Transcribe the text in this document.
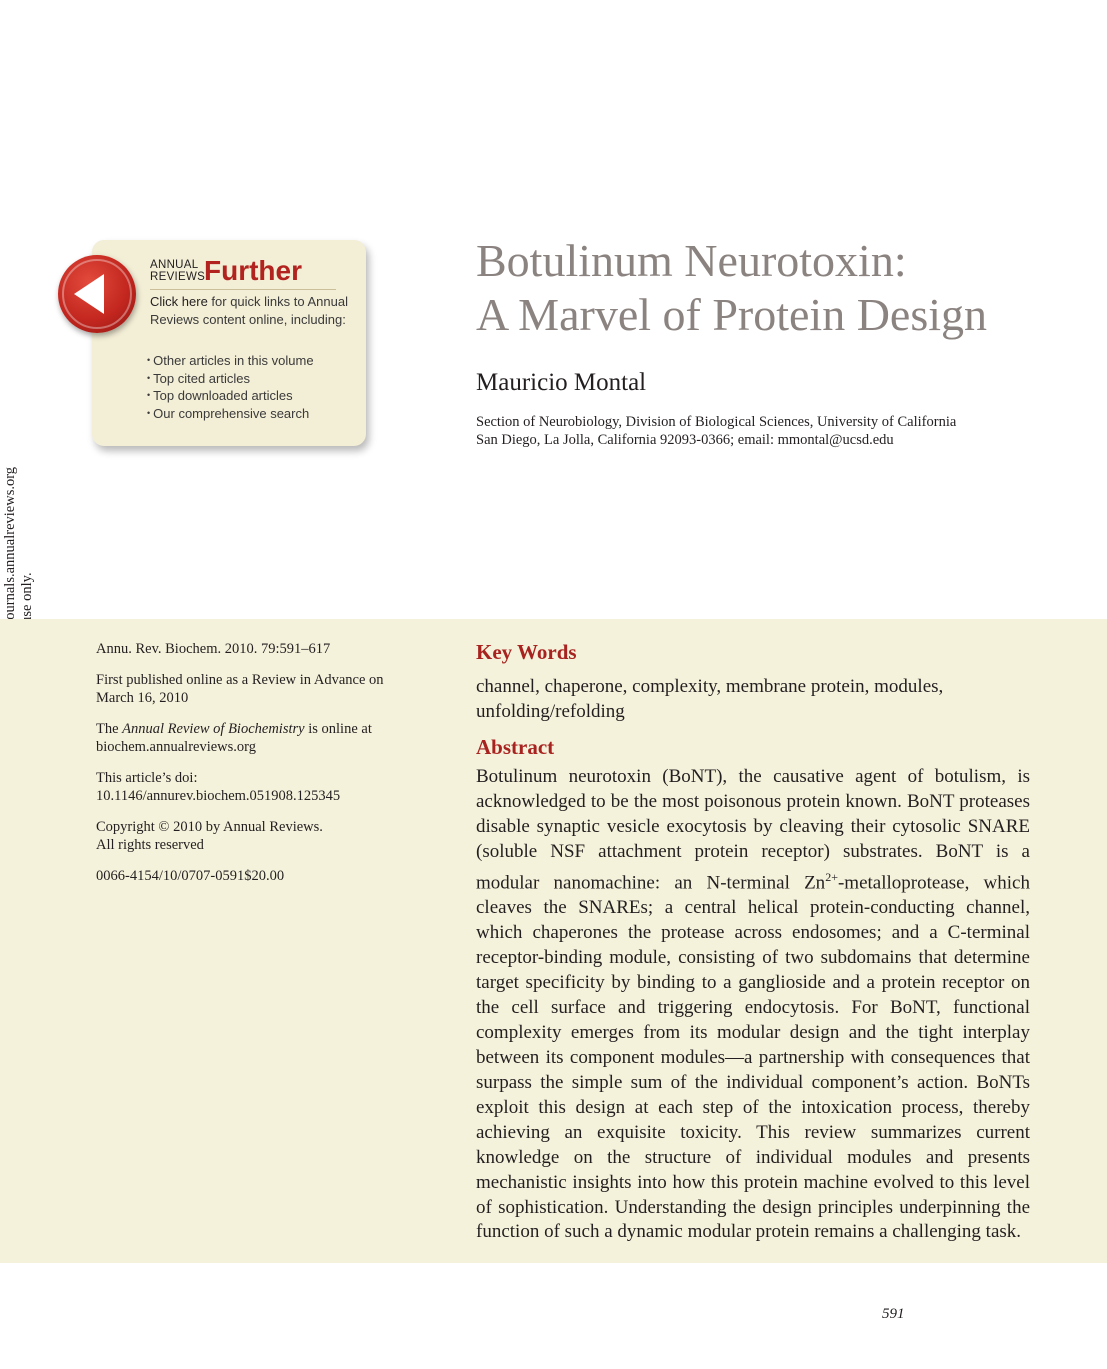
ANNUAL
REVIEWS
Further
Click here for quick links to Annual Reviews content online, including:
• Other articles in this volume
• Top cited articles
• Top downloaded articles
• Our comprehensive search
Botulinum Neurotoxin:
A Marvel of Protein Design
Mauricio Montal
Section of Neurobiology, Division of Biological Sciences, University of California
San Diego, La Jolla, California 92093-0366; email: mmontal@ucsd.edu

Annu. Rev. Biochem. 2010. 79:591–617

First published online as a Review in Advance on March 16, 2010

The Annual Review of Biochemistry is online at biochem.annualreviews.org

This article’s doi:
10.1146/annurev.biochem.051908.125345

Copyright © 2010 by Annual Reviews.
All rights reserved

0066-4154/10/0707-0591$20.00

Key Words

channel, chaperone, complexity, membrane protein, modules, unfolding/refolding

Abstract

Botulinum neurotoxin (BoNT), the causative agent of botulism, is acknowledged to be the most poisonous protein known. BoNT proteases disable synaptic vesicle exocytosis by cleaving their cytosolic SNARE (soluble NSF attachment protein receptor) substrates. BoNT is a modular nanomachine: an N-terminal $Zn^{2+}$-metalloprotease, which cleaves the SNAREs; a central helical protein-conducting channel, which chaperones the protease across endosomes; and a C-terminal receptor-binding module, consisting of two subdomains that determine target specificity by binding to a ganglioside and a protein receptor on the cell surface and triggering endocytosis. For BoNT, functional complexity emerges from its modular design and the tight interplay between its component modules—a partnership with consequences that surpass the simple sum of the individual component’s action. BoNTs exploit this design at each step of the intoxication process, thereby achieving an exquisite toxicity. This review summarizes current knowledge on the structure of individual modules and presents mechanistic insights into how this protein machine evolved to this level of sophistication. Understanding the design principles underpinning the function of such a dynamic modular protein remains a challenging task.

591
